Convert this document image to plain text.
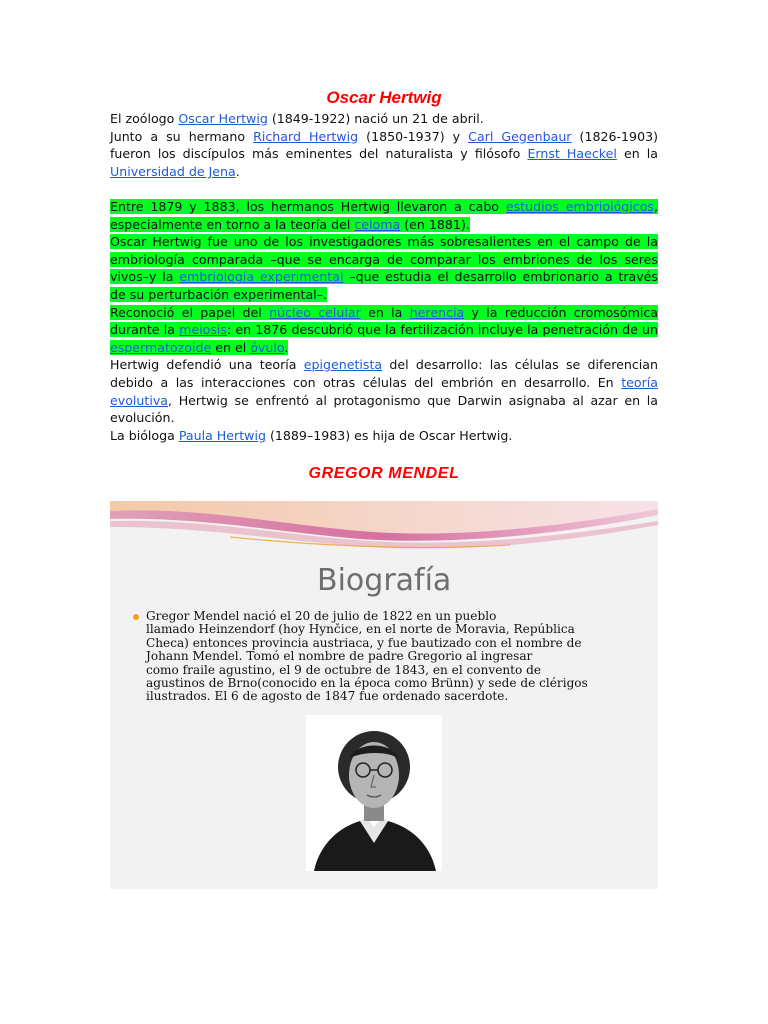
Oscar Hertwig

El zoólogo Oscar Hertwig (1849-1922) nació un 21 de abril.

Junto a su hermano Richard Hertwig (1850-1937) y Carl Gegenbaur (1826-1903) fueron los discípulos más eminentes del naturalista y filósofo Ernst Haeckel en la Universidad de Jena.

Entre 1879 y 1883, los hermanos Hertwig llevaron a cabo estudios embriológicos, especialmente en torno a la teoría del celoma (en 1881).

Oscar Hertwig fue uno de los investigadores más sobresalientes en el campo de la embriología comparada –que se encarga de comparar los embriones de los seres vivos–y la embriología experimental –que estudia el desarrollo embrionario a través de su perturbación experimental–.

Reconoció el papel del núcleo celular en la herencia y la reducción cromosómica durante la meiosis: en 1876 descubrió que la fertilización incluye la penetración de un espermatozoide en el óvulo.

Hertwig defendió una teoría epigenetista del desarrollo: las células se diferencian debido a las interacciones con otras células del embrión en desarrollo. En teoría evolutiva, Hertwig se enfrentó al protagonismo que Darwin asignaba al azar en la evolución.

La bióloga Paula Hertwig (1889–1983) es hija de Oscar Hertwig.

GREGOR MENDEL
Biografía
Gregor Mendel nació el 20 de julio de 1822 en un pueblo
llamado Heinzendorf (hoy Hynčice, en el norte de Moravia, República
Checa) entonces provincia austriaca, y fue bautizado con el nombre de
Johann Mendel. Tomó el nombre de padre Gregorio al ingresar
como fraile agustino, el 9 de octubre de 1843, en el convento de
agustinos de Brno(conocido en la época como Brünn) y sede de clérigos
ilustrados. El 6 de agosto de 1847 fue ordenado sacerdote.
